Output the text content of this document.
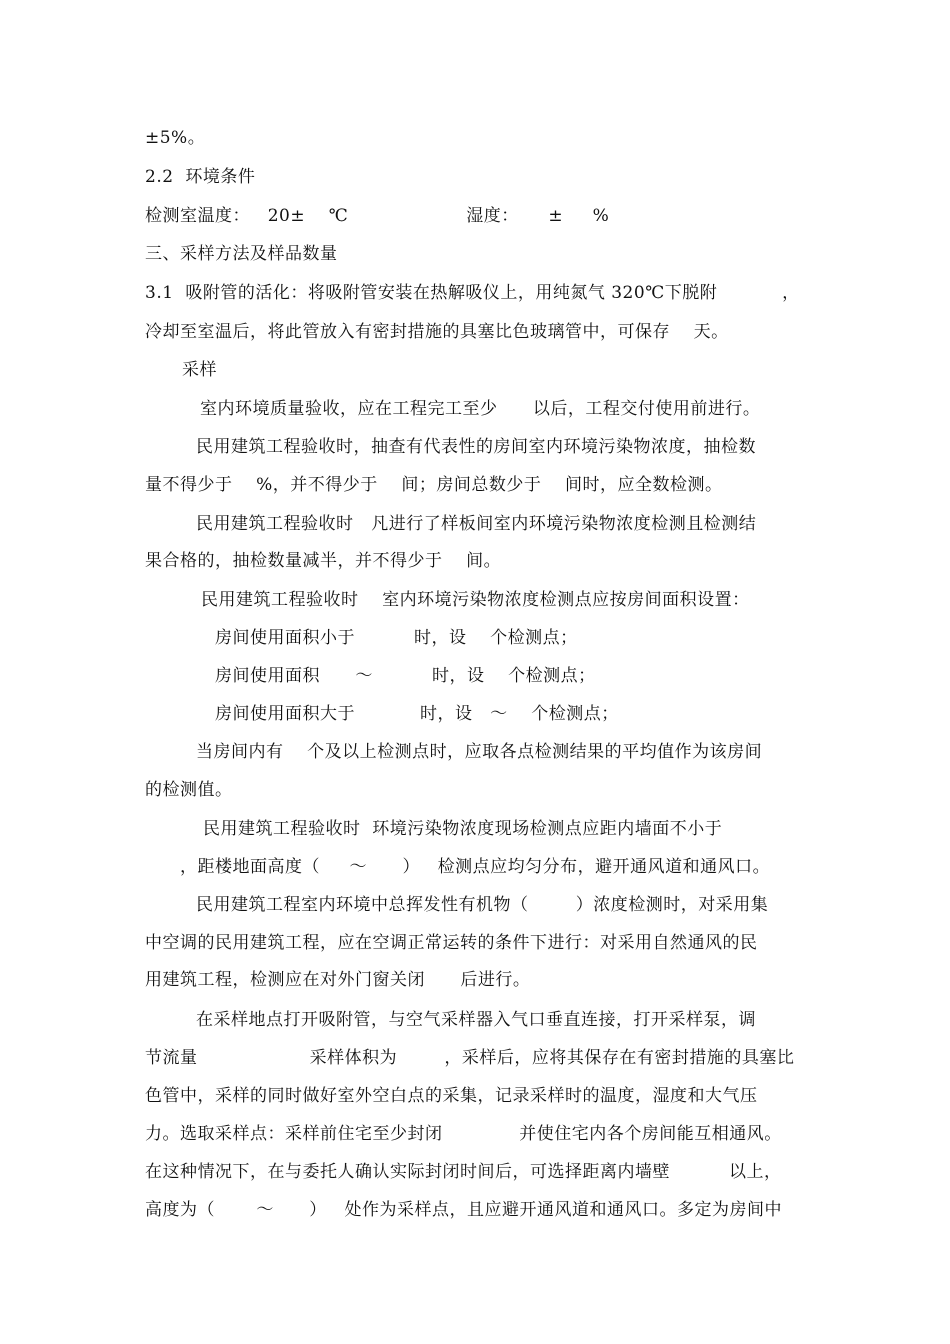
±5%。
2.2  环境条件
检测室温度：   20±    ℃                    湿度：     ±     %
三、采样方法及样品数量
3.1  吸附管的活化：将吸附管安装在热解吸仪上，用纯氮气 320℃下脱附           ，
冷却至室温后，将此管放入有密封措施的具塞比色玻璃管中，可保存    天。
采样
室内环境质量验收，应在工程完工至少      以后，工程交付使用前进行。
民用建筑工程验收时，抽查有代表性的房间室内环境污染物浓度，抽检数
量不得少于    %，并不得少于    间；房间总数少于    间时，应全数检测。
民用建筑工程验收时   凡进行了样板间室内环境污染物浓度检测且检测结
果合格的，抽检数量减半，并不得少于    间。
民用建筑工程验收时    室内环境污染物浓度检测点应按房间面积设置：
房间使用面积小于          时，设    个检测点；
房间使用面积      ～          时，设    个检测点；
房间使用面积大于           时，设   ～    个检测点；
当房间内有    个及以上检测点时，应取各点检测结果的平均值作为该房间
的检测值。
民用建筑工程验收时  环境污染物浓度现场检测点应距内墙面不小于
，距楼地面高度（     ～      ）   检测点应均匀分布，避开通风道和通风口。
民用建筑工程室内环境中总挥发性有机物（        ）浓度检测时，对采用集
中空调的民用建筑工程，应在空调正常运转的条件下进行：对采用自然通风的民
用建筑工程，检测应在对外门窗关闭      后进行。
在采样地点打开吸附管，与空气采样器入气口垂直连接，打开采样泵，调
节流量                   采样体积为        ，采样后，应将其保存在有密封措施的具塞比
色管中，采样的同时做好室外空白点的采集，记录采样时的温度，湿度和大气压
力。选取采样点：采样前住宅至少封闭             并使住宅内各个房间能互相通风。
在这种情况下，在与委托人确认实际封闭时间后，可选择距离内墙壁          以上，
高度为（       ～      ）   处作为采样点，且应避开通风道和通风口。多定为房间中
